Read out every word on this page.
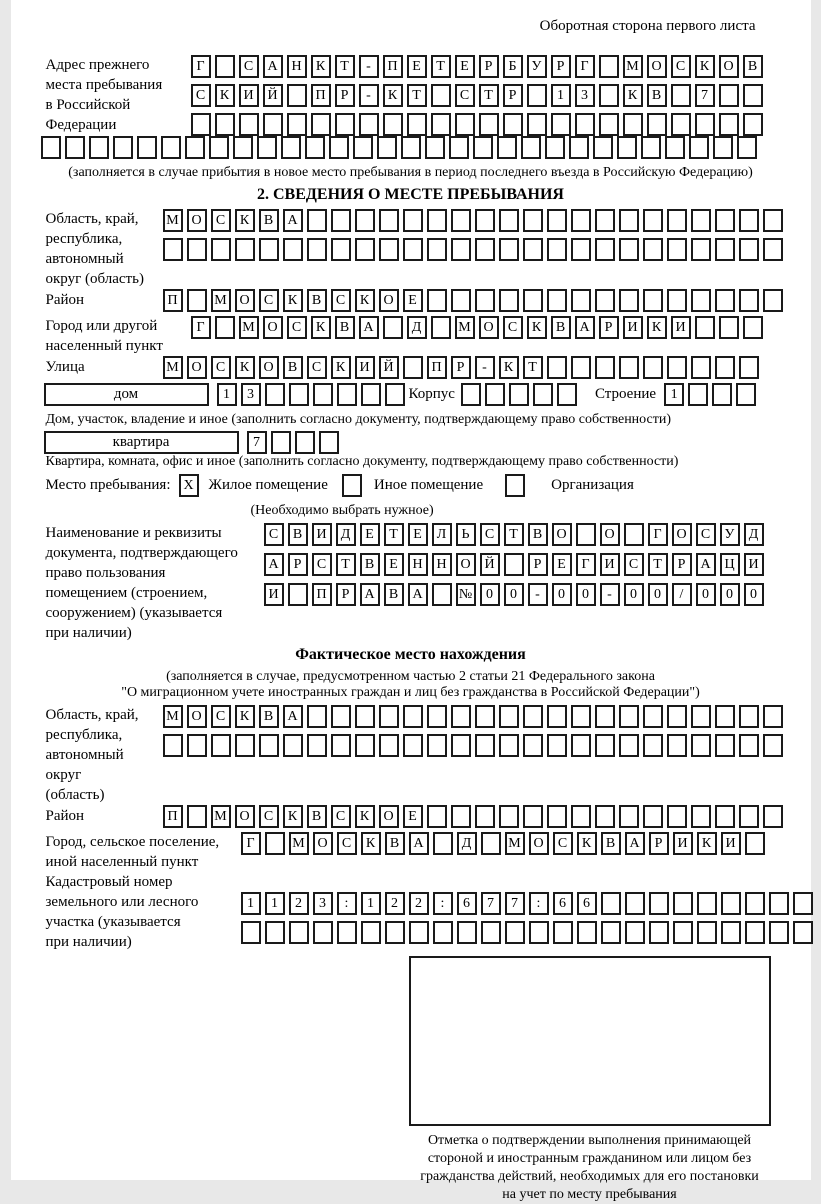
Оборотная сторона первого листа
Адрес прежнего
места пребывания
в Российской
Федерации
Г	С	А Н	К	Т	-	П	Е	Т	Е	Р	Б	У	Р	Г	М О	С	К	О	В
С	К	И Й	П	Р	-	К	Т	С	Т	Р	1	3	К	В	7
(заполняется в случае прибытия в новое место пребывания в период последнего въезда в Российскую Федерацию)
2. СВЕДЕНИЯ О МЕСТЕ ПРЕБЫВАНИЯ
Область, край,
республика,
автономный
округ (область)
М О	С	К	В	А
Район	П	М О	С	К	В	С	К	О	Е
Город или другой
населенный пункт
Г	М О	С	К	В	А	Д	М О	С	К	В	А	Р	И	К	И
Улица	М О	С	К	О	В	С	К	И Й	П	Р	-	К	Т
дом	1	3	Корпус	Строение	1
Дом, участок, владение и иное (заполнить согласно документу, подтверждающему право собственности)
квартира	7
Квартира, комната, офис и иное (заполнить согласно документу, подтверждающему право собственности)
Место пребывания: X Жилое помещение	Иное помещение	Организация
(Необходимо выбрать нужное)
Наименование и реквизиты
документа, подтверждающего
право пользования
помещением (строением,
сооружением) (указывается
при наличии)
С	В	И	Д	Е	Т	Е	Л	Ь	С	Т	В	О	О	Г	О	С	У	Д
А	Р	С	Т	В	Е	Н Н О Й	Р	Е	Г	И	С	Т	Р	А Ц И
И	П	Р	А	В	А	№ 0	0	-	0	0	-	0	0	/	0	0	0
Фактическое место нахождения
(заполняется в случае, предусмотренном частью 2 статьи 21 Федерального закона
"О миграционном учете иностранных граждан и лиц без гражданства в Российской Федерации")
Область, край,
республика,
автономный округ
(область)
М О	С	К	В	А
Район	П	М О	С	К	В	С	К	О	Е
Город, сельское поселение,
иной населенный пункт
Г	М О	С	К	В	А	Д	М О	С	К	В	А	Р	И	К	И
Кадастровый номер
земельного или лесного
участка (указывается
при наличии)
1	1	2	3	:	1	2	2	:	6	7	7	:	6	6
Отметка о подтверждении выполнения принимающей
стороной и иностранным гражданином или лицом без
гражданства действий, необходимых для его постановки
на учет по месту пребывания
